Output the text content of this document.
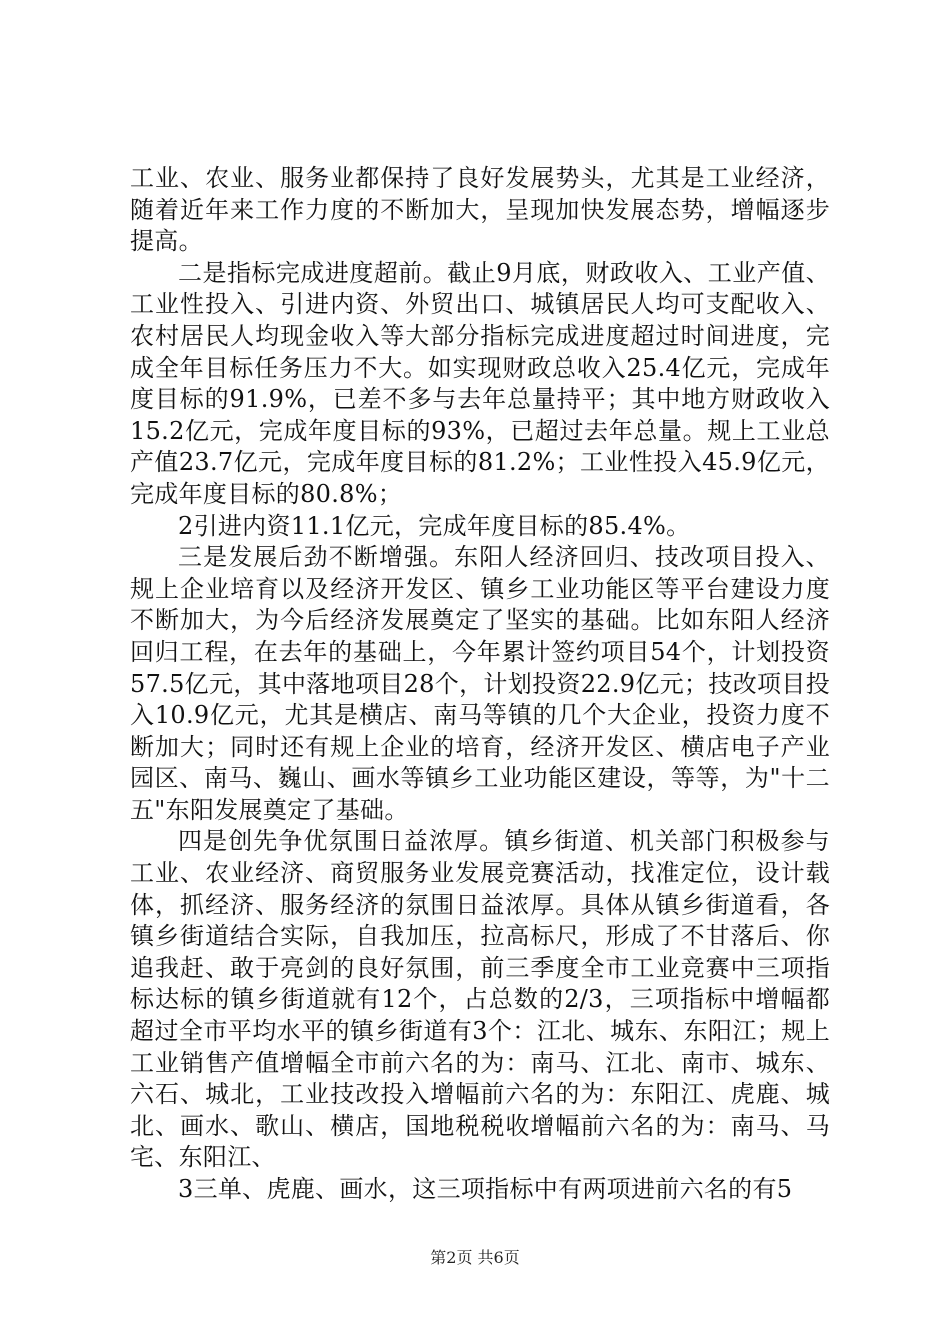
工业、农业、服务业都保持了良好发展势头，尤其是工业经济，随着近年来工作力度的不断加大，呈现加快发展态势，增幅逐步提高。

二是指标完成进度超前。截止9月底，财政收入、工业产值、工业性投入、引进内资、外贸出口、城镇居民人均可支配收入、农村居民人均现金收入等大部分指标完成进度超过时间进度，完成全年目标任务压力不大。如实现财政总收入25.4亿元，完成年度目标的91.9%，已差不多与去年总量持平；其中地方财政收入15.2亿元，完成年度目标的93%，已超过去年总量。规上工业总产值23.7亿元，完成年度目标的81.2%；工业性投入45.9亿元，完成年度目标的80.8%；

2引进内资11.1亿元，完成年度目标的85.4%。

三是发展后劲不断增强。东阳人经济回归、技改项目投入、规上企业培育以及经济开发区、镇乡工业功能区等平台建设力度不断加大，为今后经济发展奠定了坚实的基础。比如东阳人经济回归工程，在去年的基础上，今年累计签约项目54个，计划投资57.5亿元，其中落地项目28个，计划投资22.9亿元；技改项目投入10.9亿元，尤其是横店、南马等镇的几个大企业，投资力度不断加大；同时还有规上企业的培育，经济开发区、横店电子产业园区、南马、巍山、画水等镇乡工业功能区建设，等等，为"十二五"东阳发展奠定了基础。

四是创先争优氛围日益浓厚。镇乡街道、机关部门积极参与工业、农业经济、商贸服务业发展竞赛活动，找准定位，设计载体，抓经济、服务经济的氛围日益浓厚。具体从镇乡街道看，各镇乡街道结合实际，自我加压，拉高标尺，形成了不甘落后、你追我赶、敢于亮剑的良好氛围，前三季度全市工业竞赛中三项指标达标的镇乡街道就有12个，占总数的2/3，三项指标中增幅都超过全市平均水平的镇乡街道有3个：江北、城东、东阳江；规上工业销售产值增幅全市前六名的为：南马、江北、南市、城东、六石、城北，工业技改投入增幅前六名的为：东阳江、虎鹿、城北、画水、歌山、横店，国地税税收增幅前六名的为：南马、马宅、东阳江、

3三单、虎鹿、画水，这三项指标中有两项进前六名的有5

第2页 共6页
